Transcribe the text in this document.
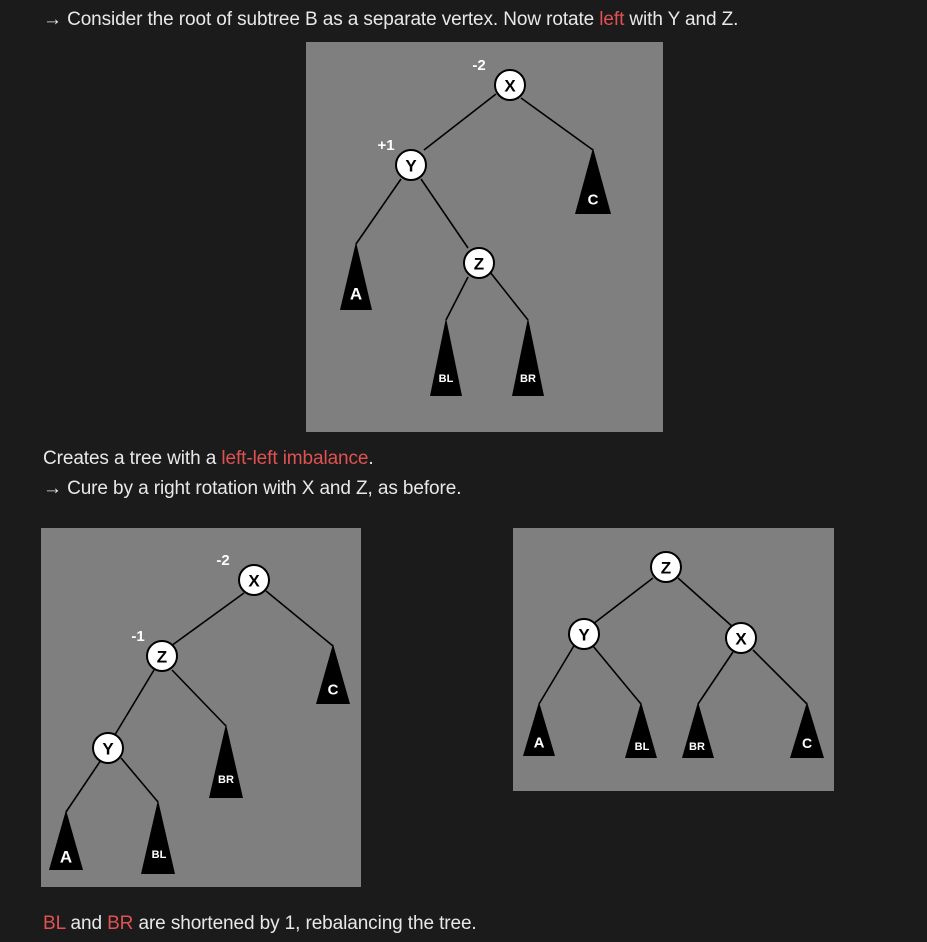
→ Consider the root of subtree B as a separate vertex. Now rotate left with Y and Z.
A
BL	BR
C
X
-2
Y
+1
Z
Creates a tree with a left-left imbalance.
→ Cure by a right rotation with X and Z, as before.
C
BR
A	BL
X
-2
Z
-1
Y	A	BL	BR	C
Z
Y	X
BL and BR are shortened by 1, rebalancing the tree.
